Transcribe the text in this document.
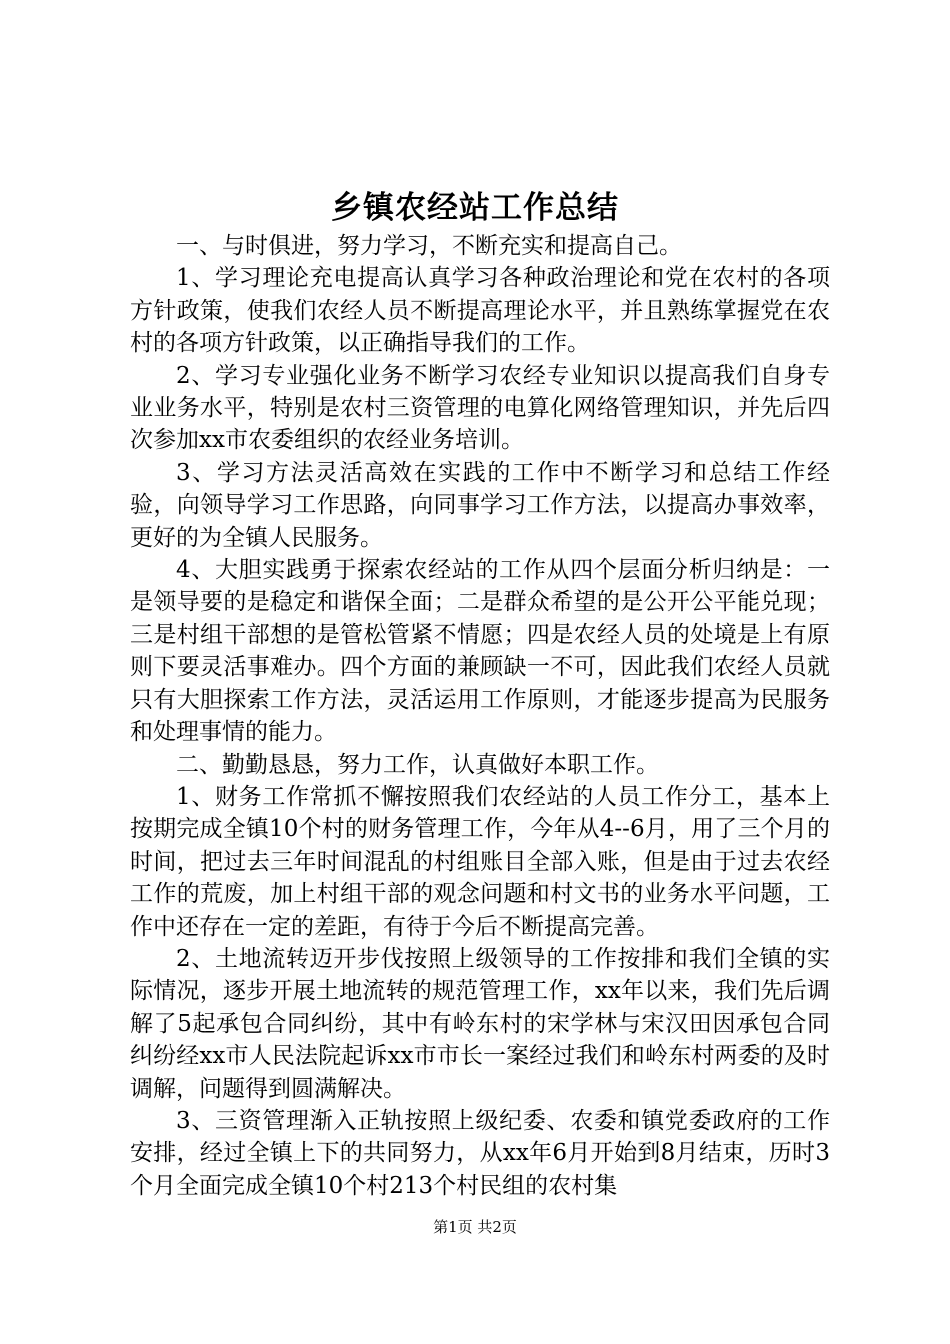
乡镇农经站工作总结

一、与时俱进，努力学习，不断充实和提高自己。

1、学习理论充电提高认真学习各种政治理论和党在农村的各项方针政策，使我们农经人员不断提高理论水平，并且熟练掌握党在农村的各项方针政策，以正确指导我们的工作。

2、学习专业强化业务不断学习农经专业知识以提高我们自身专业业务水平，特别是农村三资管理的电算化网络管理知识，并先后四次参加xx市农委组织的农经业务培训。

3、学习方法灵活高效在实践的工作中不断学习和总结工作经验，向领导学习工作思路，向同事学习工作方法，以提高办事效率，更好的为全镇人民服务。

4、大胆实践勇于探索农经站的工作从四个层面分析归纳是：一是领导要的是稳定和谐保全面；二是群众希望的是公开公平能兑现；三是村组干部想的是管松管紧不情愿；四是农经人员的处境是上有原则下要灵活事难办。四个方面的兼顾缺一不可，因此我们农经人员就只有大胆探索工作方法，灵活运用工作原则，才能逐步提高为民服务和处理事情的能力。

二、勤勤恳恳，努力工作，认真做好本职工作。

1、财务工作常抓不懈按照我们农经站的人员工作分工，基本上按期完成全镇10个村的财务管理工作，今年从4--6月，用了三个月的时间，把过去三年时间混乱的村组账目全部入账，但是由于过去农经工作的荒废，加上村组干部的观念问题和村文书的业务水平问题，工作中还存在一定的差距，有待于今后不断提高完善。

2、土地流转迈开步伐按照上级领导的工作按排和我们全镇的实际情况，逐步开展土地流转的规范管理工作，xx年以来，我们先后调解了5起承包合同纠纷，其中有岭东村的宋学林与宋汉田因承包合同纠纷经xx市人民法院起诉xx市市长一案经过我们和岭东村两委的及时调解，问题得到圆满解决。

3、三资管理渐入正轨按照上级纪委、农委和镇党委政府的工作安排，经过全镇上下的共同努力，从xx年6月开始到8月结束，历时3个月全面完成全镇10个村213个村民组的农村集

第1页 共2页
